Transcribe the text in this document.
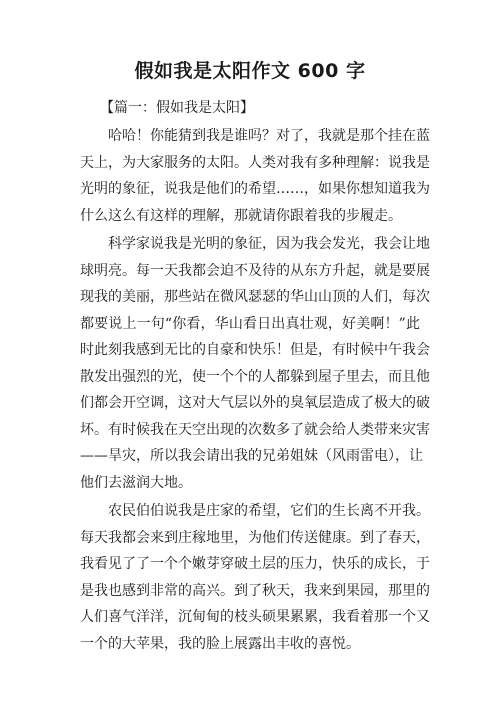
假如我是太阳作文 600 字
【篇一：假如我是太阳】
哈哈！你能猜到我是谁吗？对了，我就是那个挂在蓝
天上，为大家服务的太阳。人类对我有多种理解：说我是
光明的象征，说我是他们的希望……，如果你想知道我为
什么这么有这样的理解，那就请你跟着我的步履走。
科学家说我是光明的象征，因为我会发光，我会让地
球明亮。每一天我都会迫不及待的从东方升起，就是要展
现我的美丽，那些站在微风瑟瑟的华山山顶的人们，每次
都要说上一句“你看，华山看日出真壮观，好美啊！”此
时此刻我感到无比的自豪和快乐！但是，有时候中午我会
散发出强烈的光，使一个个的人都躲到屋子里去，而且他
们都会开空调，这对大气层以外的臭氧层造成了极大的破
坏。有时候我在天空出现的次数多了就会给人类带来灾害
——旱灾，所以我会请出我的兄弟姐妹（风雨雷电），让
他们去滋润大地。
农民伯伯说我是庄家的希望，它们的生长离不开我。
每天我都会来到庄稼地里，为他们传送健康。到了春天，
我看见了了一个个嫩芽穿破土层的压力，快乐的成长，于
是我也感到非常的高兴。到了秋天，我来到果园，那里的
人们喜气洋洋，沉甸甸的枝头硕果累累，我看着那一个又
一个的大苹果，我的脸上展露出丰收的喜悦。
